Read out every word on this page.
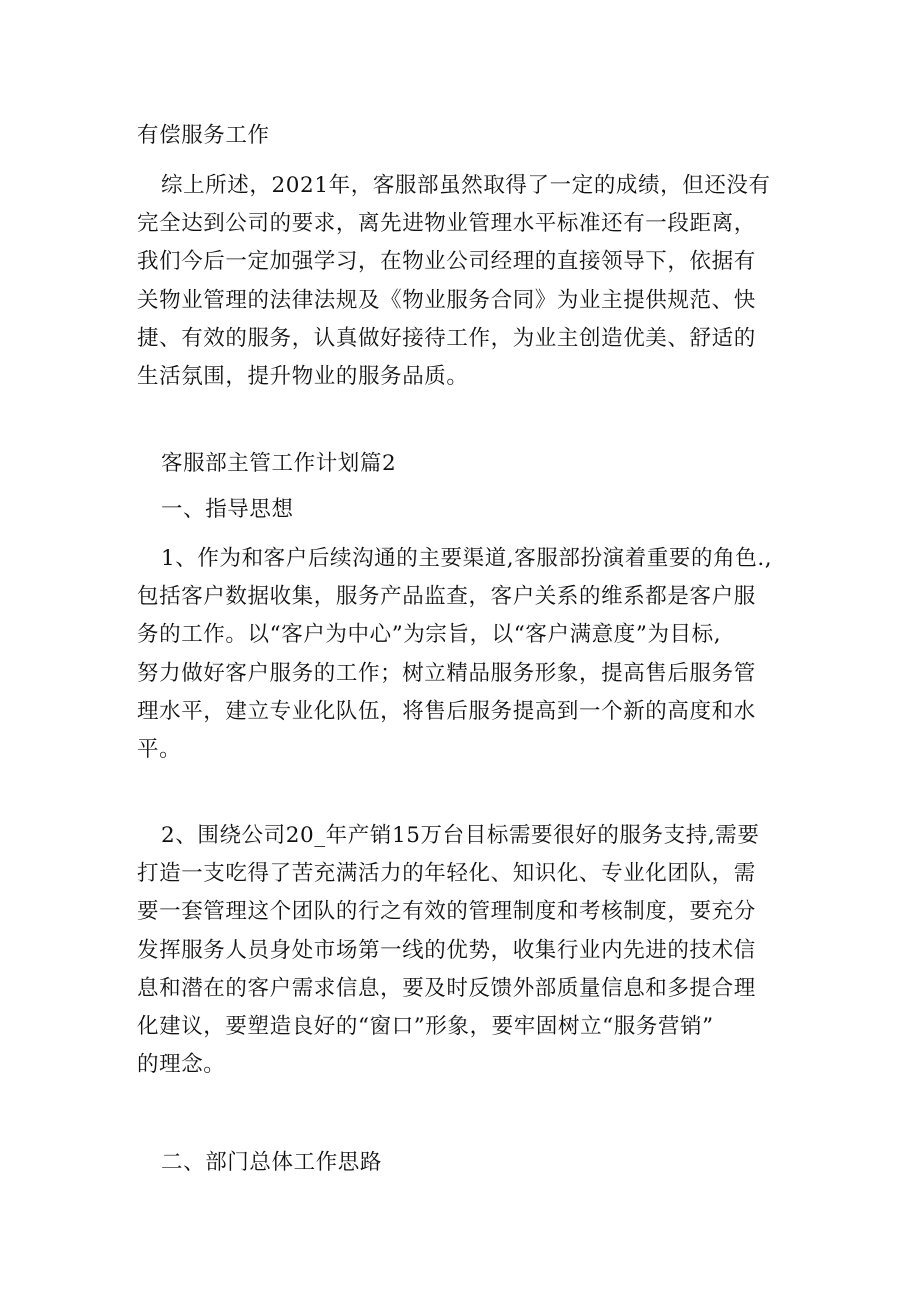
有偿服务工作

综上所述，2021年，客服部虽然取得了一定的成绩，但还没有
完全达到公司的要求，离先进物业管理水平标准还有一段距离，
我们今后一定加强学习，在物业公司经理的直接领导下，依据有
关物业管理的法律法规及《物业服务合同》为业主提供规范、快
捷、有效的服务，认真做好接待工作，为业主创造优美、舒适的
生活氛围，提升物业的服务品质。

客服部主管工作计划篇2

一、指导思想

1、作为和客户后续沟通的主要渠道,客服部扮演着重要的角色.,
包括客户数据收集，服务产品监查，客户关系的维系都是客户服
务的工作。以“客户为中心”为宗旨，以“客户满意度”为目标,
努力做好客户服务的工作；树立精品服务形象，提高售后服务管
理水平，建立专业化队伍，将售后服务提高到一个新的高度和水
平。
2、围绕公司20_年产销15万台目标需要很好的服务支持,需要
打造一支吃得了苦充满活力的年轻化、知识化、专业化团队，需
要一套管理这个团队的行之有效的管理制度和考核制度，要充分
发挥服务人员身处市场第一线的优势，收集行业内先进的技术信
息和潜在的客户需求信息，要及时反馈外部质量信息和多提合理
化建议，要塑造良好的“窗口”形象，要牢固树立“服务营销”
的理念。

二、部门总体工作思路
